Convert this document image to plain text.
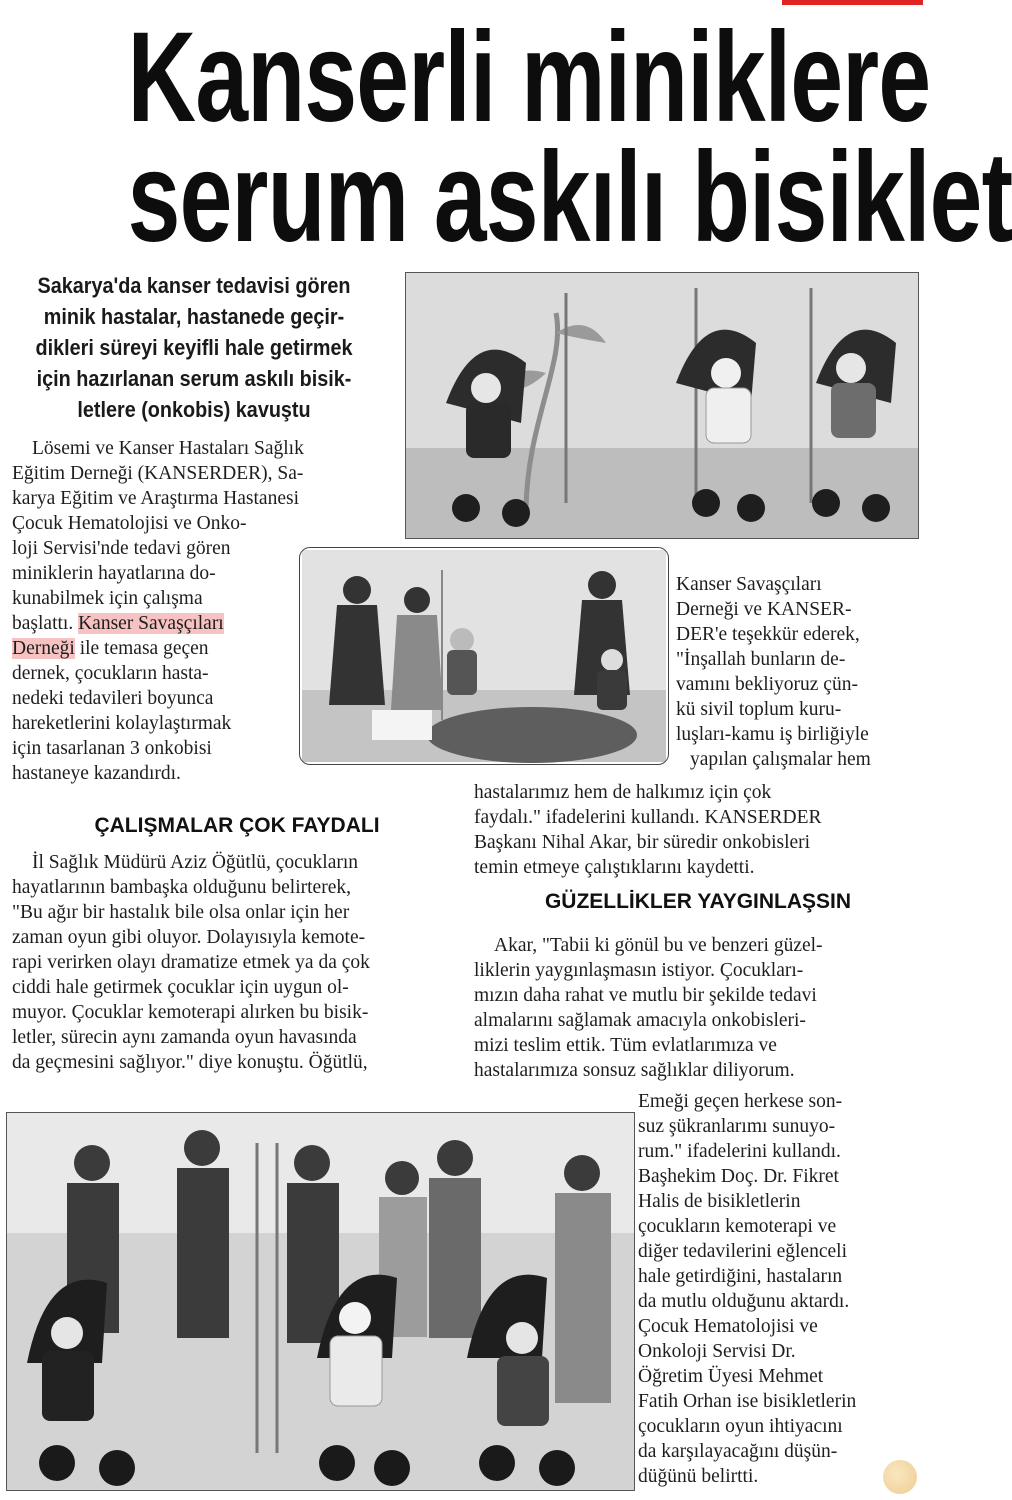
Kanserli miniklere
serum askılı bisiklet
Sakarya'da kanser tedavisi gören
minik hastalar, hastanede geçir-
dikleri süreyi keyifli hale getirmek
için hazırlanan serum askılı bisik-
letlere (onkobis) kavuştu
Lösemi ve Kanser Hastaları Sağlık
Eğitim Derneği (KANSERDER), Sa-
karya Eğitim ve Araştırma Hastanesi
Çocuk Hematolojisi ve Onko-
loji Servisi'nde tedavi gören
miniklerin hayatlarına do-
kunabilmek için çalışma
başlattı. Kanser Savaşçıları
Derneği ile temasa geçen
dernek, çocukların hasta-
nedeki tedavileri boyunca
hareketlerini kolaylaştırmak
için tasarlanan 3 onkobisi
hastaneye kazandırdı.
Kanser Savaşçıları
Derneği ve KANSER-
DER'e teşekkür ederek,
"İnşallah bunların de-
vamını bekliyoruz çün-
kü sivil toplum kuru-
luşları-kamu iş birliğiyle
yapılan çalışmalar hem
hastalarımız hem de halkımız için çok
faydalı." ifadelerini kullandı. KANSERDER
Başkanı Nihal Akar, bir süredir onkobisleri
temin etmeye çalıştıklarını kaydetti.
ÇALIŞMALAR ÇOK FAYDALI
GÜZELLİKLER YAYGINLAŞSIN
İl Sağlık Müdürü Aziz Öğütlü, çocukların
hayatlarının bambaşka olduğunu belirterek,
"Bu ağır bir hastalık bile olsa onlar için her
zaman oyun gibi oluyor. Dolayısıyla kemote-
rapi verirken olayı dramatize etmek ya da çok
ciddi hale getirmek çocuklar için uygun ol-
muyor. Çocuklar kemoterapi alırken bu bisik-
letler, sürecin aynı zamanda oyun havasında
da geçmesini sağlıyor." diye konuştu. Öğütlü,
Akar, "Tabii ki gönül bu ve benzeri güzel-
liklerin yaygınlaşmasın istiyor. Çocukları-
mızın daha rahat ve mutlu bir şekilde tedavi
almalarını sağlamak amacıyla onkobisleri-
mizi teslim ettik. Tüm evlatlarımıza ve
hastalarımıza sonsuz sağlıklar diliyorum.
Emeği geçen herkese son-
suz şükranlarımı sunuyo-
rum." ifadelerini kullandı.
Başhekim Doç. Dr. Fikret
Halis de bisikletlerin
çocukların kemoterapi ve
diğer tedavilerini eğlenceli
hale getirdiğini, hastaların
da mutlu olduğunu aktardı.
Çocuk Hematolojisi ve
Onkoloji Servisi Dr.
Öğretim Üyesi Mehmet
Fatih Orhan ise bisikletlerin
çocukların oyun ihtiyacını
da karşılayacağını düşün-
düğünü belirtti.
